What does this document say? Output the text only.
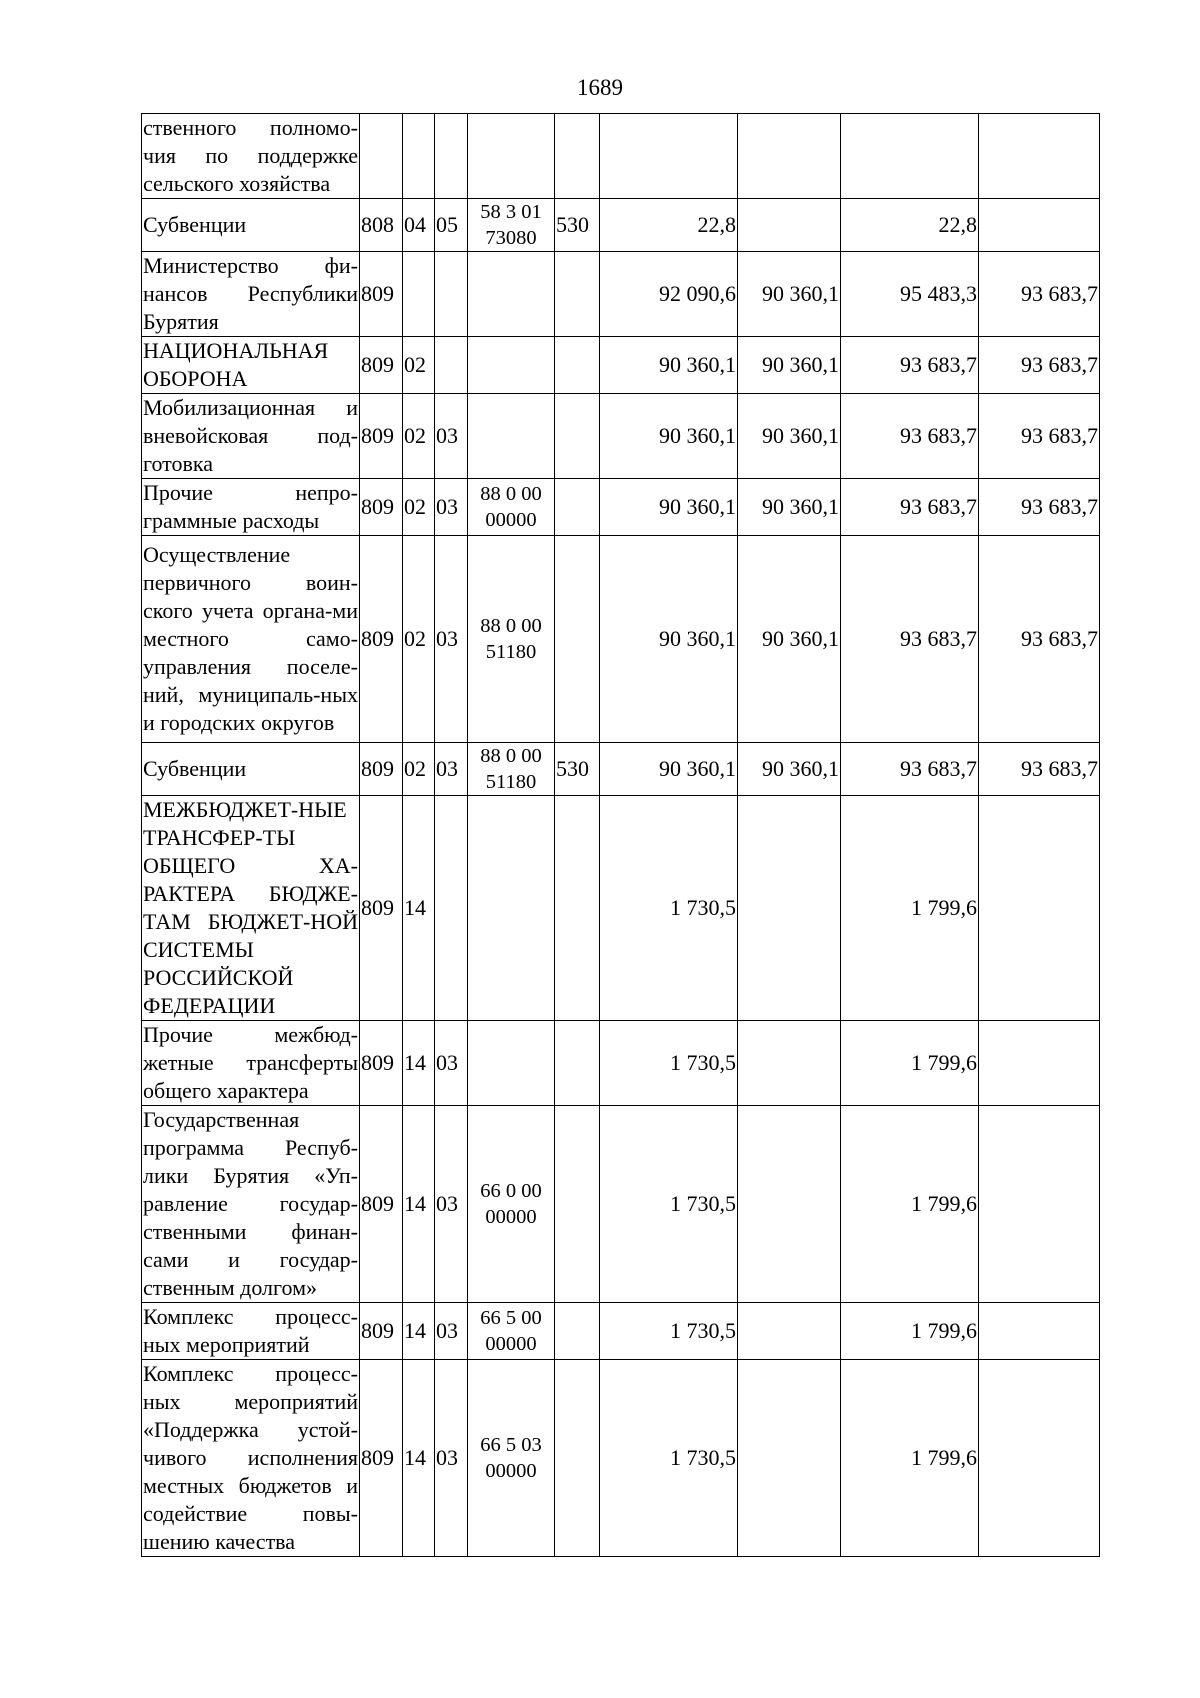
1689
ственного полномо-чия по поддержке сельского хозяйства									
Субвенции	808	04	05	58 3 01 73080	530	22,8		22,8	
Министерство фи-нансов Республики Бурятия	809					92 090,6	90 360,1	95 483,3	93 683,7
НАЦИОНАЛЬНАЯ ОБОРОНА	809	02				90 360,1	90 360,1	93 683,7	93 683,7
Мобилизационная и вневойсковая под-готовка	809	02	03			90 360,1	90 360,1	93 683,7	93 683,7
Прочие непро-граммные расходы	809	02	03	88 0 00 00000		90 360,1	90 360,1	93 683,7	93 683,7
Осуществление первичного воин-ского учета органа-ми местного само-управления поселе-ний, муниципаль-ных и городских округов	809	02	03	88 0 00 51180		90 360,1	90 360,1	93 683,7	93 683,7
Субвенции	809	02	03	88 0 00 51180	530	90 360,1	90 360,1	93 683,7	93 683,7
МЕЖБЮДЖЕТ-НЫЕ ТРАНСФЕР-ТЫ ОБЩЕГО ХА-РАКТЕРА БЮДЖЕ-ТАМ БЮДЖЕТ-НОЙ СИСТЕМЫ РОССИЙСКОЙ ФЕДЕРАЦИИ	809	14				1 730,5		1 799,6	
Прочие межбюд-жетные трансферты общего характера	809	14	03			1 730,5		1 799,6	
Государственная программа Респуб-лики Бурятия «Уп-равление государ-ственными финан-сами и государ-ственным долгом»	809	14	03	66 0 00 00000		1 730,5		1 799,6	
Комплекс процесс-ных мероприятий	809	14	03	66 5 00 00000		1 730,5		1 799,6	
Комплекс процесс-ных мероприятий «Поддержка устой-чивого исполнения местных бюджетов и содействие повы-шению качества	809	14	03	66 5 03 00000		1 730,5		1 799,6	
